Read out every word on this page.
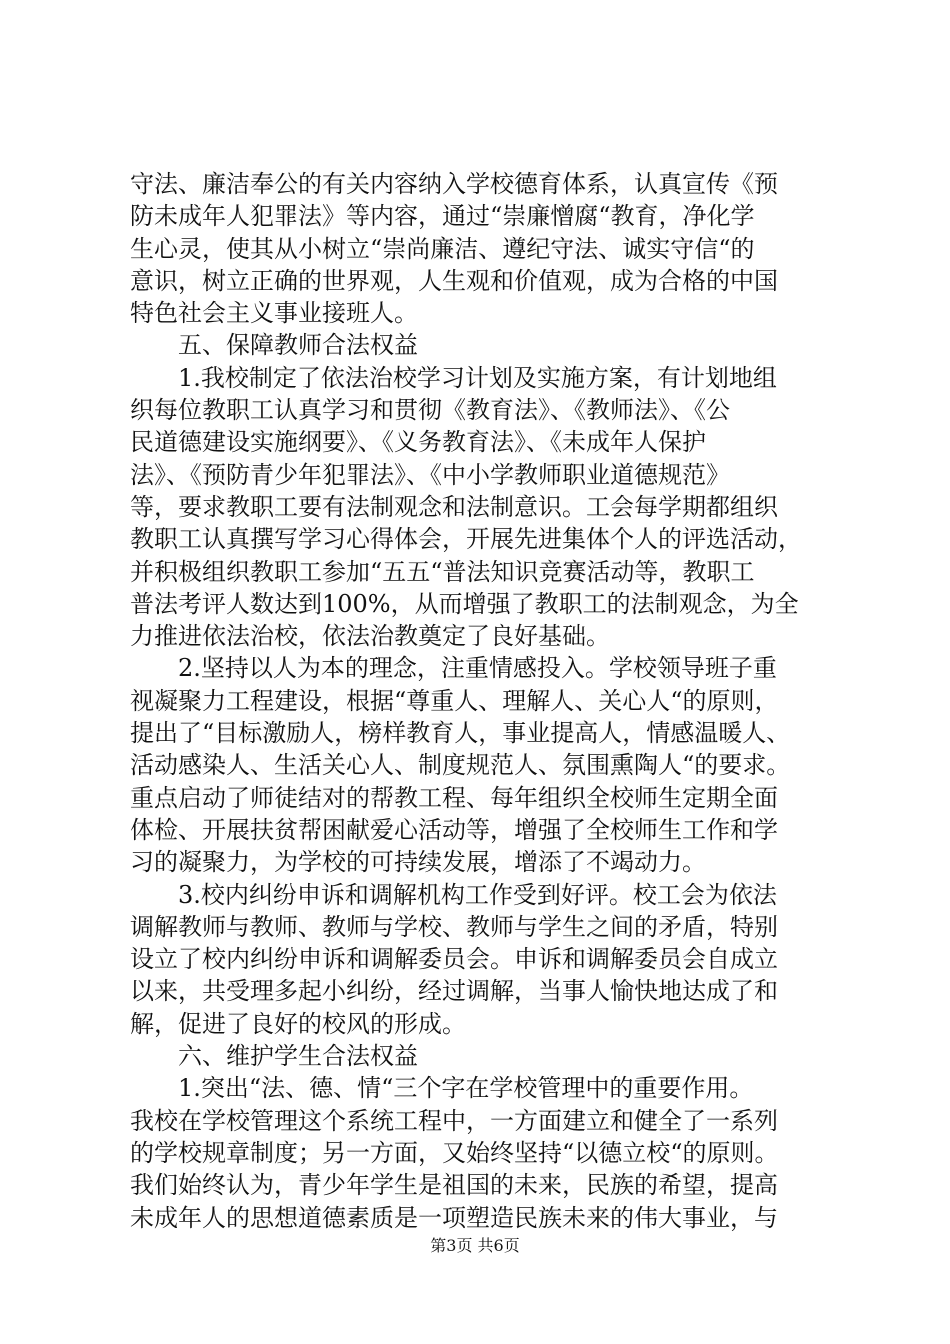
守法、廉洁奉公的有关内容纳入学校德育体系，认真宣传《预
防未成年人犯罪法》等内容，通过“崇廉憎腐“教育，净化学
生心灵，使其从小树立“崇尚廉洁、遵纪守法、诚实守信“的
意识，树立正确的世界观，人生观和价值观，成为合格的中国
特色社会主义事业接班人。
五、保障教师合法权益
1.我校制定了依法治校学习计划及实施方案，有计划地组
织每位教职工认真学习和贯彻《教育法》、《教师法》、《公
民道德建设实施纲要》、《义务教育法》、《未成年人保护
法》、《预防青少年犯罪法》、《中小学教师职业道德规范》
等，要求教职工要有法制观念和法制意识。工会每学期都组织
教职工认真撰写学习心得体会，开展先进集体个人的评选活动，
并积极组织教职工参加“五五“普法知识竞赛活动等，教职工
普法考评人数达到100%，从而增强了教职工的法制观念，为全
力推进依法治校，依法治教奠定了良好基础。
2.坚持以人为本的理念，注重情感投入。学校领导班子重
视凝聚力工程建设，根据“尊重人、理解人、关心人“的原则，
提出了“目标激励人，榜样教育人，事业提高人，情感温暖人、
活动感染人、生活关心人、制度规范人、氛围熏陶人“的要求。
重点启动了师徒结对的帮教工程、每年组织全校师生定期全面
体检、开展扶贫帮困献爱心活动等，增强了全校师生工作和学
习的凝聚力，为学校的可持续发展，增添了不竭动力。
3.校内纠纷申诉和调解机构工作受到好评。校工会为依法
调解教师与教师、教师与学校、教师与学生之间的矛盾，特别
设立了校内纠纷申诉和调解委员会。申诉和调解委员会自成立
以来，共受理多起小纠纷，经过调解，当事人愉快地达成了和
解，促进了良好的校风的形成。
六、维护学生合法权益
1.突出“法、德、情“三个字在学校管理中的重要作用。
我校在学校管理这个系统工程中，一方面建立和健全了一系列
的学校规章制度；另一方面，又始终坚持“以德立校“的原则。
我们始终认为，青少年学生是祖国的未来，民族的希望，提高
未成年人的思想道德素质是一项塑造民族未来的伟大事业，与
第3页 共6页
